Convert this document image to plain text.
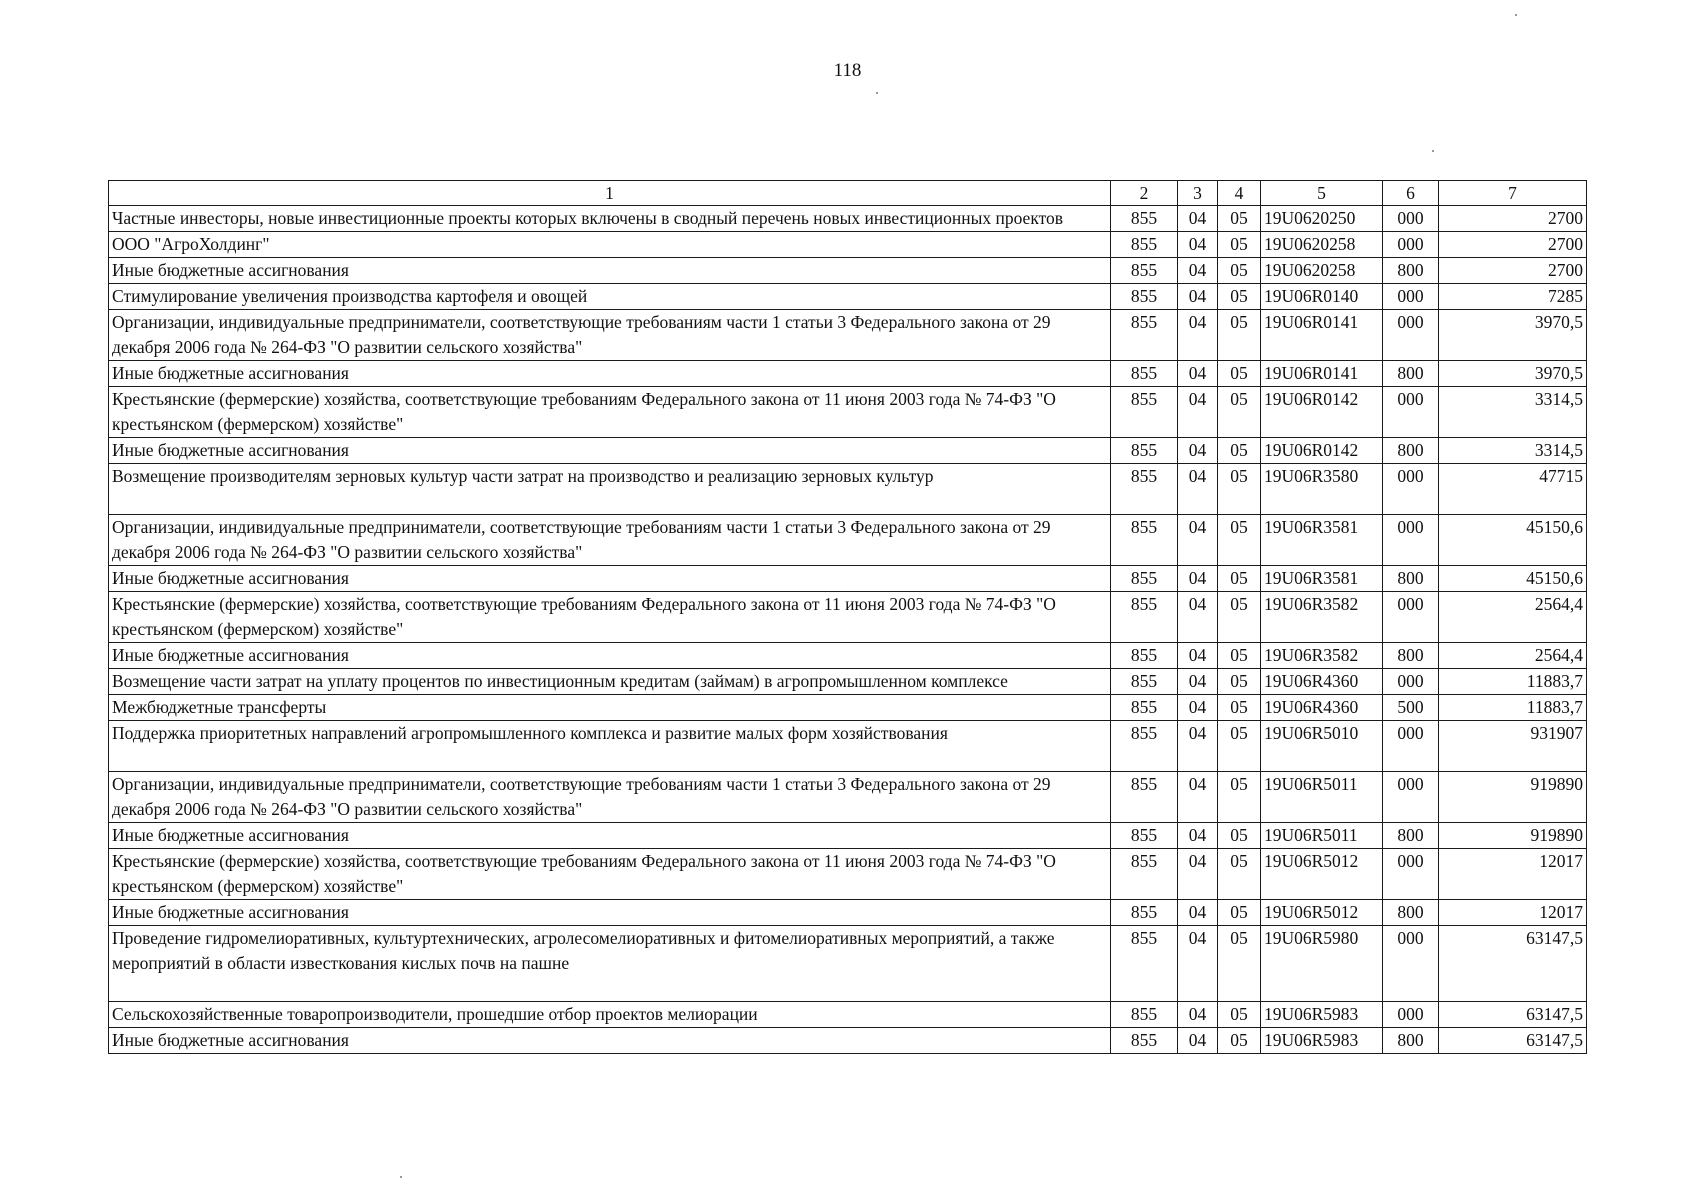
118
1	2	3	4	5	6	7
Частные инвесторы, новые инвестиционные проекты которых включены в сводный перечень новых инвестиционных проектов	855	04	05	19U0620250	000	2700
ООО "АгроХолдинг"	855	04	05	19U0620258	000	2700
Иные бюджетные ассигнования	855	04	05	19U0620258	800	2700
Стимулирование увеличения производства картофеля и овощей	855	04	05	19U06R0140	000	7285
Организации, индивидуальные предприниматели, соответствующие требованиям части 1 статьи 3 Федерального закона от 29 декабря 2006 года № 264-ФЗ "О развитии сельского хозяйства"	855	04	05	19U06R0141	000	3970,5
Иные бюджетные ассигнования	855	04	05	19U06R0141	800	3970,5
Крестьянские (фермерские) хозяйства, соответствующие требованиям Федерального закона от 11 июня 2003 года № 74-ФЗ "О крестьянском (фермерском) хозяйстве"	855	04	05	19U06R0142	000	3314,5
Иные бюджетные ассигнования	855	04	05	19U06R0142	800	3314,5
Возмещение производителям зерновых культур части затрат на производство и реализацию зерновых культур	855	04	05	19U06R3580	000	47715
Организации, индивидуальные предприниматели, соответствующие требованиям части 1 статьи 3 Федерального закона от 29 декабря 2006 года № 264-ФЗ "О развитии сельского хозяйства"	855	04	05	19U06R3581	000	45150,6
Иные бюджетные ассигнования	855	04	05	19U06R3581	800	45150,6
Крестьянские (фермерские) хозяйства, соответствующие требованиям Федерального закона от 11 июня 2003 года № 74-ФЗ "О крестьянском (фермерском) хозяйстве"	855	04	05	19U06R3582	000	2564,4
Иные бюджетные ассигнования	855	04	05	19U06R3582	800	2564,4
Возмещение части затрат на уплату процентов по инвестиционным кредитам (займам) в агропромышленном комплексе	855	04	05	19U06R4360	000	11883,7
Межбюджетные трансферты	855	04	05	19U06R4360	500	11883,7
Поддержка приоритетных направлений агропромышленного комплекса и развитие малых форм хозяйствования	855	04	05	19U06R5010	000	931907
Организации, индивидуальные предприниматели, соответствующие требованиям части 1 статьи 3 Федерального закона от 29 декабря 2006 года № 264-ФЗ "О развитии сельского хозяйства"	855	04	05	19U06R5011	000	919890
Иные бюджетные ассигнования	855	04	05	19U06R5011	800	919890
Крестьянские (фермерские) хозяйства, соответствующие требованиям Федерального закона от 11 июня 2003 года № 74-ФЗ "О крестьянском (фермерском) хозяйстве"	855	04	05	19U06R5012	000	12017
Иные бюджетные ассигнования	855	04	05	19U06R5012	800	12017
Проведение гидромелиоративных, культуртехнических, агролесомелиоративных и фитомелиоративных мероприятий, а также мероприятий в области известкования кислых почв на пашне	855	04	05	19U06R5980	000	63147,5
Сельскохозяйственные товаропроизводители, прошедшие отбор проектов мелиорации	855	04	05	19U06R5983	000	63147,5
Иные бюджетные ассигнования	855	04	05	19U06R5983	800	63147,5
